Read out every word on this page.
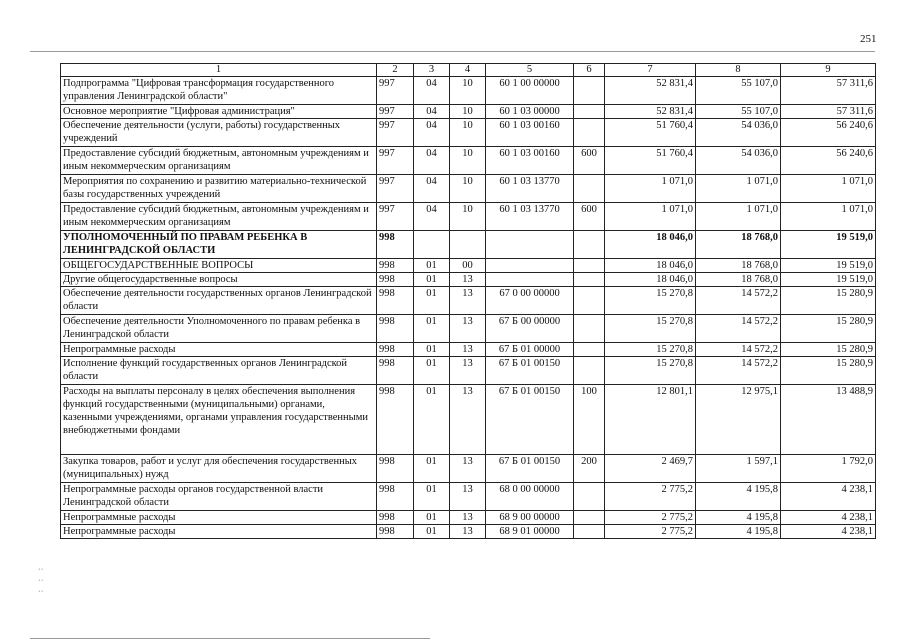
251
⋅⋅
⋅⋅
⋅⋅
1	2	3	4	5	6	7	8	9
Подпрограмма "Цифровая трансформация государственного управления Ленинградской области"	997	04	10	60 1 00 00000		52 831,4	55 107,0	57 311,6
Основное мероприятие "Цифровая администрация"	997	04	10	60 1 03 00000		52 831,4	55 107,0	57 311,6
Обеспечение деятельности (услуги, работы) государственных учреждений	997	04	10	60 1 03 00160		51 760,4	54 036,0	56 240,6
Предоставление субсидий бюджетным, автономным учреждениям и иным некоммерческим организациям	997	04	10	60 1 03 00160	600	51 760,4	54 036,0	56 240,6
Мероприятия по сохранению и развитию материально-технической базы государственных учреждений	997	04	10	60 1 03 13770		1 071,0	1 071,0	1 071,0
Предоставление субсидий бюджетным, автономным учреждениям и иным некоммерческим организациям	997	04	10	60 1 03 13770	600	1 071,0	1 071,0	1 071,0
УПОЛНОМОЧЕННЫЙ ПО ПРАВАМ РЕБЕНКА В ЛЕНИНГРАДСКОЙ ОБЛАСТИ	998					18 046,0	18 768,0	19 519,0
ОБЩЕГОСУДАРСТВЕННЫЕ ВОПРОСЫ	998	01	00			18 046,0	18 768,0	19 519,0
Другие общегосударственные вопросы	998	01	13			18 046,0	18 768,0	19 519,0
Обеспечение деятельности государственных органов Ленинградской области	998	01	13	67 0 00 00000		15 270,8	14 572,2	15 280,9
Обеспечение деятельности Уполномоченного по правам ребенка в Ленинградской области	998	01	13	67 Б 00 00000		15 270,8	14 572,2	15 280,9
Непрограммные расходы	998	01	13	67 Б 01 00000		15 270,8	14 572,2	15 280,9
Исполнение функций государственных органов Ленинградской области	998	01	13	67 Б 01 00150		15 270,8	14 572,2	15 280,9
Расходы на выплаты персоналу в целях обеспечения выполнения функций государственными (муниципальными) органами, казенными учреждениями, органами управления государственными внебюджетными фондами	998	01	13	67 Б 01 00150	100	12 801,1	12 975,1	13 488,9
Закупка товаров, работ и услуг для обеспечения государственных (муниципальных) нужд	998	01	13	67 Б 01 00150	200	2 469,7	1 597,1	1 792,0
Непрограммные расходы органов государственной власти Ленинградской области	998	01	13	68 0 00 00000		2 775,2	4 195,8	4 238,1
Непрограммные расходы	998	01	13	68 9 00 00000		2 775,2	4 195,8	4 238,1
Непрограммные расходы	998	01	13	68 9 01 00000		2 775,2	4 195,8	4 238,1
